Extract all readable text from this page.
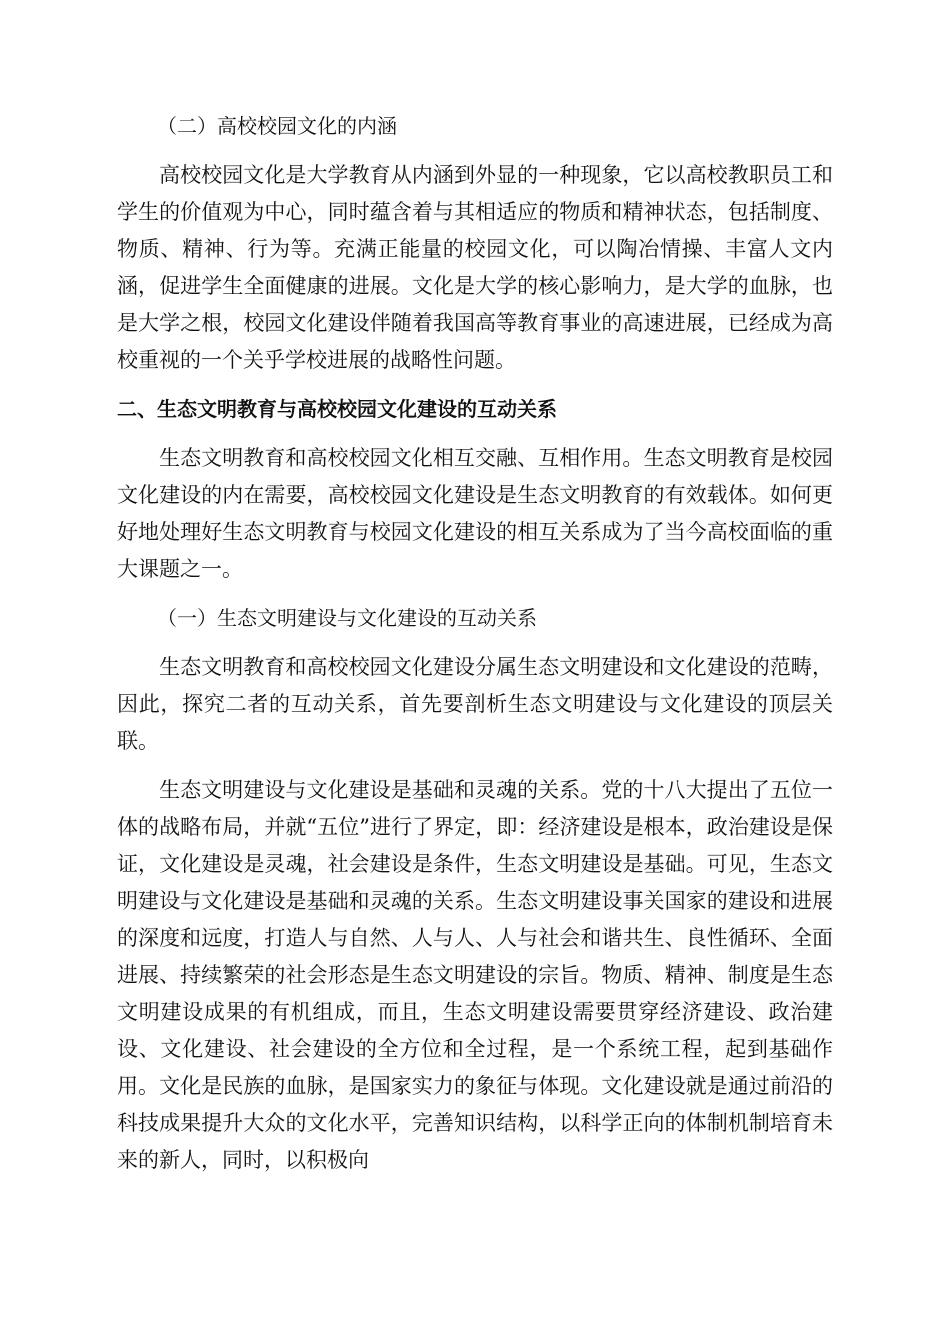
（二）高校校园文化的内涵

高校校园文化是大学教育从内涵到外显的一种现象，它以高校教职员工和学生的价值观为中心，同时蕴含着与其相适应的物质和精神状态，包括制度、物质、精神、行为等。充满正能量的校园文化，可以陶冶情操、丰富人文内涵，促进学生全面健康的进展。文化是大学的核心影响力，是大学的血脉，也是大学之根，校园文化建设伴随着我国高等教育事业的高速进展，已经成为高校重视的一个关乎学校进展的战略性问题。

二、生态文明教育与高校校园文化建设的互动关系

生态文明教育和高校校园文化相互交融、互相作用。生态文明教育是校园文化建设的内在需要，高校校园文化建设是生态文明教育的有效载体。如何更好地处理好生态文明教育与校园文化建设的相互关系成为了当今高校面临的重大课题之一。

（一）生态文明建设与文化建设的互动关系

生态文明教育和高校校园文化建设分属生态文明建设和文化建设的范畴，因此，探究二者的互动关系，首先要剖析生态文明建设与文化建设的顶层关联。

生态文明建设与文化建设是基础和灵魂的关系。党的十八大提出了五位一体的战略布局，并就“五位”进行了界定，即：经济建设是根本，政治建设是保证，文化建设是灵魂，社会建设是条件，生态文明建设是基础。可见，生态文明建设与文化建设是基础和灵魂的关系。生态文明建设事关国家的建设和进展的深度和远度，打造人与自然、人与人、人与社会和谐共生、良性循环、全面进展、持续繁荣的社会形态是生态文明建设的宗旨。物质、精神、制度是生态文明建设成果的有机组成，而且，生态文明建设需要贯穿经济建设、政治建设、文化建设、社会建设的全方位和全过程，是一个系统工程，起到基础作用。文化是民族的血脉，是国家实力的象征与体现。文化建设就是通过前沿的科技成果提升大众的文化水平，完善知识结构，以科学正向的体制机制培育未来的新人，同时，以积极向
